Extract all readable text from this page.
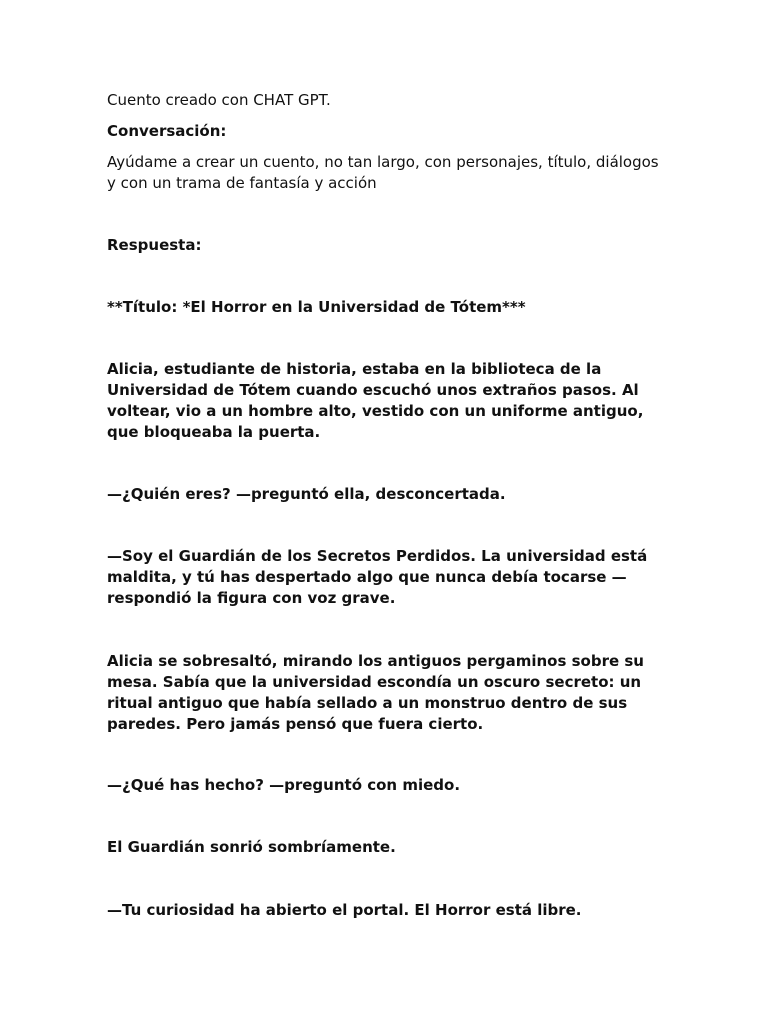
Cuento creado con CHAT GPT.

Conversación:

Ayúdame a crear un cuento, no tan largo, con personajes, título, diálogos y con un trama de fantasía y acción

Respuesta:

**Título: *El Horror en la Universidad de Tótem***

Alicia, estudiante de historia, estaba en la biblioteca de la Universidad de Tótem cuando escuchó unos extraños pasos. Al voltear, vio a un hombre alto, vestido con un uniforme antiguo, que bloqueaba la puerta.

—¿Quién eres? —preguntó ella, desconcertada.

—Soy el Guardián de los Secretos Perdidos. La universidad está maldita, y tú has despertado algo que nunca debía tocarse — respondió la figura con voz grave.

Alicia se sobresaltó, mirando los antiguos pergaminos sobre su mesa. Sabía que la universidad escondía un oscuro secreto: un ritual antiguo que había sellado a un monstruo dentro de sus paredes. Pero jamás pensó que fuera cierto.

—¿Qué has hecho? —preguntó con miedo.

El Guardián sonrió sombríamente.

—Tu curiosidad ha abierto el portal. El Horror está libre.
